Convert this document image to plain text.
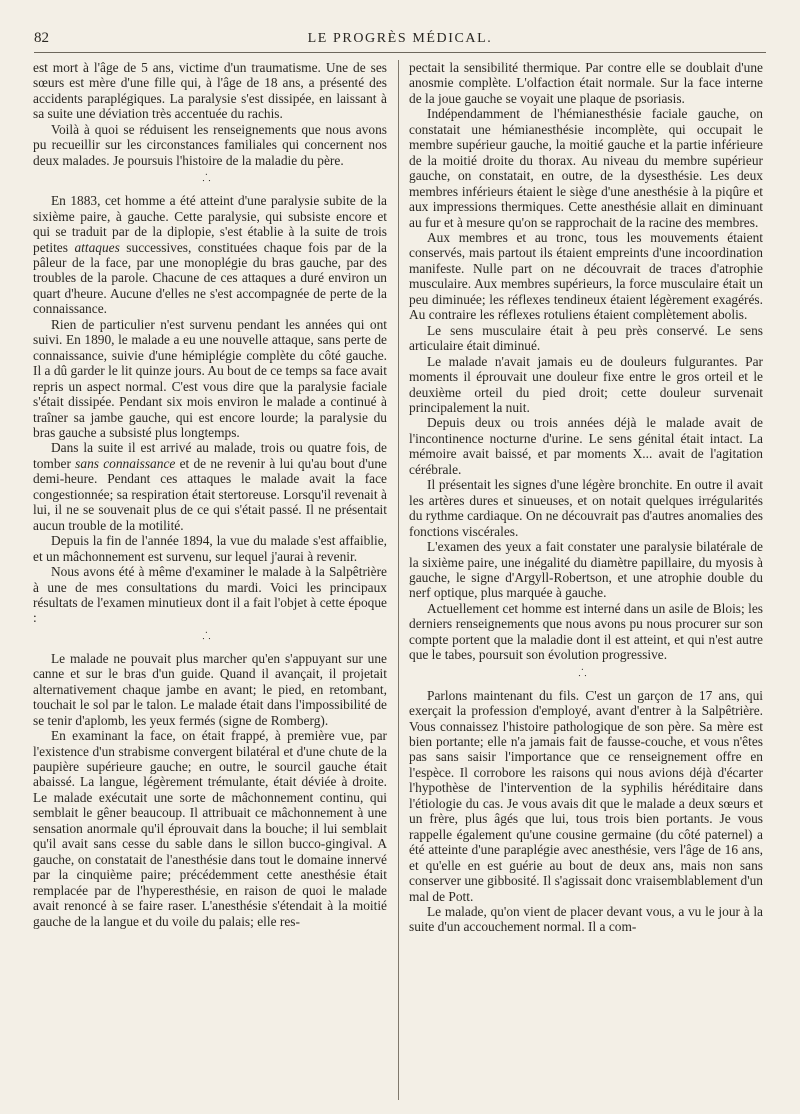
82	LE PROGRÈS MÉDICAL.

est mort à l'âge de 5 ans, victime d'un traumatisme. Une de ses sœurs est mère d'une fille qui, à l'âge de 18 ans, a présenté des accidents paraplégiques. La paralysie s'est dissipée, en laissant à sa suite une déviation très accentuée du rachis.

Voilà à quoi se réduisent les renseignements que nous avons pu recueillir sur les circonstances familiales qui concernent nos deux malades. Je poursuis l'histoire de la maladie du père.

⸫

En 1883, cet homme a été atteint d'une paralysie subite de la sixième paire, à gauche. Cette paralysie, qui subsiste encore et qui se traduit par de la diplopie, s'est établie à la suite de trois petites attaques successives, constituées chaque fois par de la pâleur de la face, par une monoplégie du bras gauche, par des troubles de la parole. Chacune de ces attaques a duré environ un quart d'heure. Aucune d'elles ne s'est accompagnée de perte de la connaissance.

Rien de particulier n'est survenu pendant les années qui ont suivi. En 1890, le malade a eu une nouvelle attaque, sans perte de connaissance, suivie d'une hémiplégie complète du côté gauche. Il a dû garder le lit quinze jours. Au bout de ce temps sa face avait repris un aspect normal. C'est vous dire que la paralysie faciale s'était dissipée. Pendant six mois environ le malade a continué à traîner sa jambe gauche, qui est encore lourde; la paralysie du bras gauche a subsisté plus longtemps.

Dans la suite il est arrivé au malade, trois ou quatre fois, de tomber sans connaissance et de ne revenir à lui qu'au bout d'une demi-heure. Pendant ces attaques le malade avait la face congestionnée; sa respiration était stertoreuse. Lorsqu'il revenait à lui, il ne se souvenait plus de ce qui s'était passé. Il ne présentait aucun trouble de la motilité.

Depuis la fin de l'année 1894, la vue du malade s'est affaiblie, et un mâchonnement est survenu, sur lequel j'aurai à revenir.

Nous avons été à même d'examiner le malade à la Salpêtrière à une de mes consultations du mardi. Voici les principaux résultats de l'examen minutieux dont il a fait l'objet à cette époque :

⸫

Le malade ne pouvait plus marcher qu'en s'appuyant sur une canne et sur le bras d'un guide. Quand il avançait, il projetait alternativement chaque jambe en avant; le pied, en retombant, touchait le sol par le talon. Le malade était dans l'impossibilité de se tenir d'aplomb, les yeux fermés (signe de Romberg).

En examinant la face, on était frappé, à première vue, par l'existence d'un strabisme convergent bilatéral et d'une chute de la paupière supérieure gauche; en outre, le sourcil gauche était abaissé. La langue, légèrement trémulante, était déviée à droite. Le malade exécutait une sorte de mâchonnement continu, qui semblait le gêner beaucoup. Il attribuait ce mâchonnement à une sensation anormale qu'il éprouvait dans la bouche; il lui semblait qu'il avait sans cesse du sable dans le sillon bucco-gingival. A gauche, on constatait de l'anesthésie dans tout le domaine innervé par la cinquième paire; précédemment cette anesthésie était remplacée par de l'hyperesthésie, en raison de quoi le malade avait renoncé à se faire raser. L'anesthésie s'étendait à la moitié gauche de la langue et du voile du palais; elle res-

pectait la sensibilité thermique. Par contre elle se doublait d'une anosmie complète. L'olfaction était normale. Sur la face interne de la joue gauche se voyait une plaque de psoriasis.

Indépendamment de l'hémianesthésie faciale gauche, on constatait une hémianesthésie incomplète, qui occupait le membre supérieur gauche, la moitié gauche et la partie inférieure de la moitié droite du thorax. Au niveau du membre supérieur gauche, on constatait, en outre, de la dysesthésie. Les deux membres inférieurs étaient le siège d'une anesthésie à la piqûre et aux impressions thermiques. Cette anesthésie allait en diminuant au fur et à mesure qu'on se rapprochait de la racine des membres.

Aux membres et au tronc, tous les mouvements étaient conservés, mais partout ils étaient empreints d'une incoordination manifeste. Nulle part on ne découvrait de traces d'atrophie musculaire. Aux membres supérieurs, la force musculaire était un peu diminuée; les réflexes tendineux étaient légèrement exagérés. Au contraire les réflexes rotuliens étaient complètement abolis.

Le sens musculaire était à peu près conservé. Le sens articulaire était diminué.

Le malade n'avait jamais eu de douleurs fulgurantes. Par moments il éprouvait une douleur fixe entre le gros orteil et le deuxième orteil du pied droit; cette douleur survenait principalement la nuit.

Depuis deux ou trois années déjà le malade avait de l'incontinence nocturne d'urine. Le sens génital était intact. La mémoire avait baissé, et par moments X... avait de l'agitation cérébrale.

Il présentait les signes d'une légère bronchite. En outre il avait les artères dures et sinueuses, et on notait quelques irrégularités du rythme cardiaque. On ne découvrait pas d'autres anomalies des fonctions viscérales.

L'examen des yeux a fait constater une paralysie bilatérale de la sixième paire, une inégalité du diamètre papillaire, du myosis à gauche, le signe d'Argyll-Robertson, et une atrophie double du nerf optique, plus marquée à gauche.

Actuellement cet homme est interné dans un asile de Blois; les derniers renseignements que nous avons pu nous procurer sur son compte portent que la maladie dont il est atteint, et qui n'est autre que le tabes, poursuit son évolution progressive.

⸫

Parlons maintenant du fils. C'est un garçon de 17 ans, qui exerçait la profession d'employé, avant d'entrer à la Salpêtrière. Vous connaissez l'histoire pathologique de son père. Sa mère est bien portante; elle n'a jamais fait de fausse-couche, et vous n'êtes pas sans saisir l'importance que ce renseignement offre en l'espèce. Il corrobore les raisons qui nous avions déjà d'écarter l'hypothèse de l'intervention de la syphilis héréditaire dans l'étiologie du cas. Je vous avais dit que le malade a deux sœurs et un frère, plus âgés que lui, tous trois bien portants. Je vous rappelle également qu'une cousine germaine (du côté paternel) a été atteinte d'une paraplégie avec anesthésie, vers l'âge de 16 ans, et qu'elle en est guérie au bout de deux ans, mais non sans conserver une gibbosité. Il s'agissait donc vraisemblablement d'un mal de Pott.

Le malade, qu'on vient de placer devant vous, a vu le jour à la suite d'un accouchement normal. Il a com-
